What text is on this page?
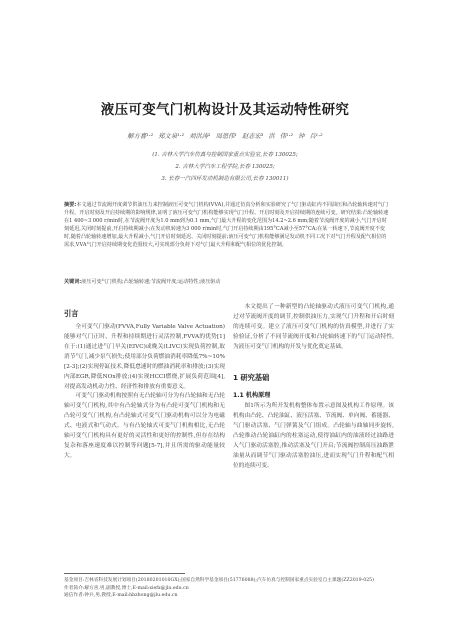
液压可变气门机构设计及其运动特性研究
解方喜¹·² 郑文泉¹·² 刘洪涛¹ 周恩伟¹ 赵志宏³ 洪 伟¹·² 钟 兵¹·²
(1. 吉林大学汽车仿真与控制国家重点实验室,长春 130025;
2. 吉林大学汽车工程学院,长春 130025;
3. 长春一汽四环发动机制造有限公司,长春 130011)
摘要:本文通过节流阀开度调节供油压力来控制液压可变气门机构(VVA),并通过仿真分析和实验研究了气门驱动缸内不同油压和凸轮轴转速对气门升程、开启时刻及开启持续期的影响规律,证明了液压可变气门机构能够实现气门升程、开启时刻及开启持续期的连续可变。研究结果:凸轮轴转速在1 400~3 000 r/min时,在节流阀开度为1.0 mm到为0.1 mm,气门最大升程的变化范围为14.2~2.6 mm;随着节流阀开度的减小,气门开启时刻延迟,关闭时刻提前,开启持续期减小;在发动机转速为3 000 r/min时,气门开启持续期由195°CA减小至57°CA;在某一转速下,节流阀开度不变时,随着凸轮轴转速增加,最大升程减小,气门开启时刻延迟、关闭时刻提前;液压可变气门机构能够满足发动机不同工况下对气门升程及配气相位的需求,VVA气门开启持续期变化范围较大,可实现部分负荷下对气门最大升程和配气相位的优化控制。
关键词:液压可变气门机构;凸轮轴转速;节流阀开度;运动特性;液压驱动
引言

全可变气门驱动(FVVA,Fully Variable Valve Actuation)能够对气门正时、升程和持续期进行灵活控制,FVVA的优势[1]在于:(1)通过进气门早关(EIVC)或晚关(LIVC)实现负荷控制,取消节气门,减少泵气损失;使用部分负荷燃油消耗率降低7%~10%[2-3];(2)实现停缸技术,降低怠速时的燃油消耗率和排放;(3)实现内部EGR,降低NOx排放;(4)实现HCCI燃烧,扩展负荷范围[4],对提高发动机动力性、经济性和排放有重要意义。

可变气门驱动机构按照有无凸轮轴可分为有凸轮轴和无凸轮轴可变气门机构,其中有凸轮轴式分为有凸轮可变气门机构和无凸轮可变气门机构,有凸轮轴式可变气门驱动机构可以分为电磁式、电液式和气动式。与有凸轮轴式可变气门机构相比,无凸轮轴可变气门机构具有更好的灵活性和更好的控制性,但存在结构复杂和落座速度难以控制等问题[5-7],并且所需的驱动能量较大。

本文提出了一种新型的凸轮轴驱动式液压可变气门机构,通过对节流阀开度的调节,控制供油压力,实现气门升程和开启时刻的连续可变。建立了液压可变气门机构的仿真模型,并进行了实验验证,分析了不同节流阀开度和凸轮轴转速下的气门运动特性,为液压可变气门机构的开发与优化奠定基础。

1 研究基础
1.1 机构原理

图1所示为所开发机构整体布置示意图及机构工作原理。该机构由凸轮、凸轮油缸、液压活塞、节流阀、单向阀、蓄能器、气门驱动活塞、气门弹簧及气门组成。凸轮轴与曲轴同步旋转,凸轮推动凸轮油缸内的柱塞运动,使得油缸内的油液经过油路进入气门驱动活塞腔,推动活塞及气门开启;节流阀控制高压油路泄油量从而调节气门驱动活塞腔油压,进而实现气门升程和配气相位的连续可变。

基金项目:吉林省科技发展计划项目(20180201010GX);国家自然科学基金项目(51776088);汽车仿真与控制国家重点实验室自主课题(ZZ2019-025)
作者简介:解方喜,男,副教授,博士,E-mail:xiefx@jlu.edu.cn
通信作者:钟兵,男,教授,E-mail:hbzhong@jlu.edu.cn
